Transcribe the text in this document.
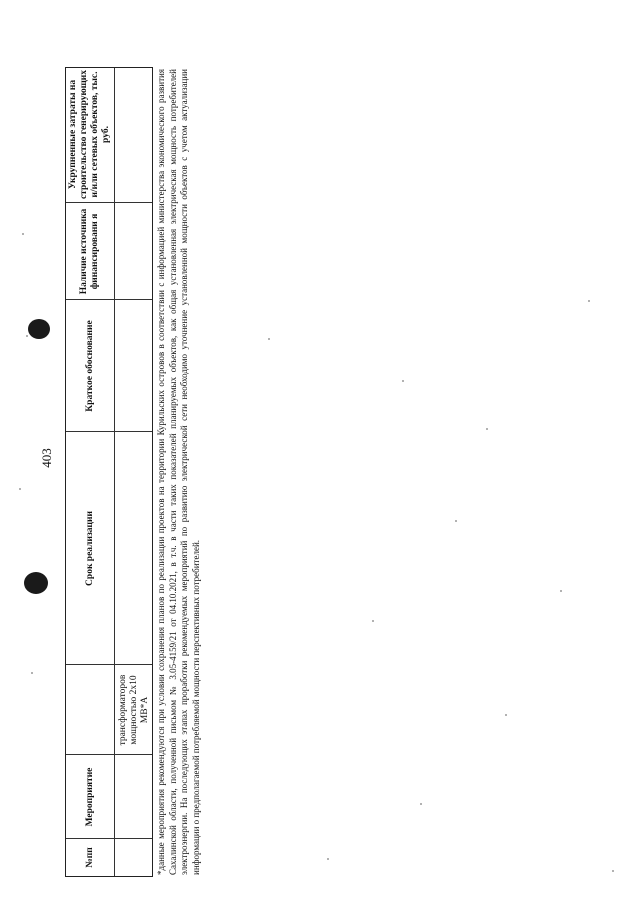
403
№пп
Мероприятие
Срок реализации
Краткое обоснование
Наличие источника финансировани я
Укрупненные затраты на строительство генерирующих и/или сетевых объектов, тыс. руб.
трансформаторов мощностью 2х10 МВ*А *данные мероприятия рекомендуются при условии сохранения планов по реализации проектов на территории Курильских островов в соответствии с информацией министерства экономического развития Сахалинской области, полученной письмом № 3.05-4159/21 от 04.10.2021, в т.ч. в части таких показателей планируемых объектов, как общая установленная электрическая мощность потребителей электроэнергии. На последующих этапах проработки рекомендуемых мероприятий по развитию электрической сети необходимо уточнение установленной мощности объектов с учетом актуализации информации о предполагаемой потребляемой мощности перспективных потребителей.
